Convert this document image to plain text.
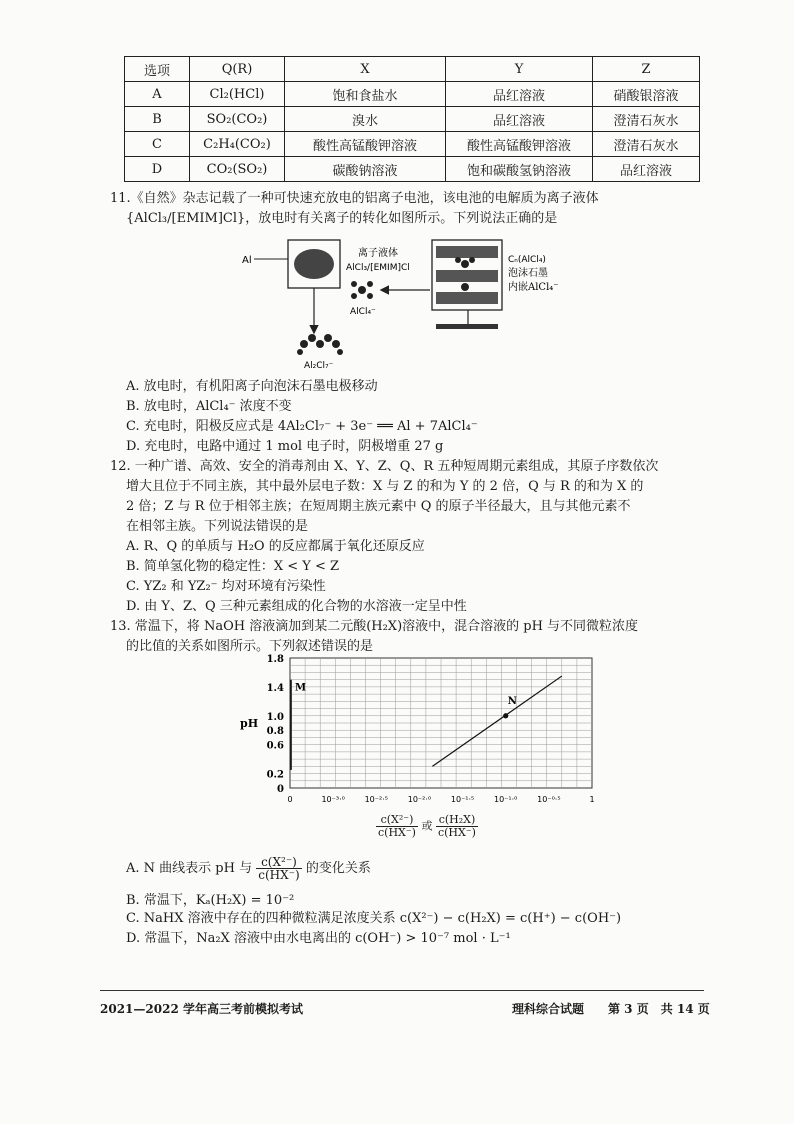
选项	Q(R)	X	Y	Z
A	Cl₂(HCl)	饱和食盐水	品红溶液	硝酸银溶液
B	SO₂(CO₂)	溴水	品红溶液	澄清石灰水
C	C₂H₄(CO₂)	酸性高锰酸钾溶液	酸性高锰酸钾溶液	澄清石灰水
D	CO₂(SO₂)	碳酸钠溶液	饱和碳酸氢钠溶液	品红溶液
11.《自然》杂志记载了一种可快速充放电的铝离子电池，该电池的电解质为离子液体
{AlCl₃/[EMIM]Cl}，放电时有关离子的转化如图所示。下列说法正确的是
Al
Al₂Cl₇⁻
离子液体
AlCl₃/[EMIM]Cl
AlCl₄⁻
Cₙ(AlCl₄)
泡沫石墨
内嵌AlCl₄⁻
A. 放电时，有机阳离子向泡沫石墨电极移动
B. 放电时，AlCl₄⁻ 浓度不变
C. 充电时，阳极反应式是 4Al₂Cl₇⁻ + 3e⁻ ══ Al + 7AlCl₄⁻
D. 充电时，电路中通过 1 mol 电子时，阴极增重 27 g
12. 一种广谱、高效、安全的消毒剂由 X、Y、Z、Q、R 五种短周期元素组成，其原子序数依次
增大且位于不同主族，其中最外层电子数：X 与 Z 的和为 Y 的 2 倍，Q 与 R 的和为 X 的
2 倍；Z 与 R 位于相邻主族；在短周期主族元素中 Q 的原子半径最大，且与其他元素不
在相邻主族。下列说法错误的是
A. R、Q 的单质与 H₂O 的反应都属于氧化还原反应
B. 简单氢化物的稳定性：X < Y < Z
C. YZ₂ 和 YZ₂⁻ 均对环境有污染性
D. 由 Y、Z、Q 三种元素组成的化合物的水溶液一定呈中性
13. 常温下，将 NaOH 溶液滴加到某二元酸(H₂X)溶液中，混合溶液的 pH 与不同微粒浓度
的比值的关系如图所示。下列叙述错误的是
0
0.2
0.6
0.8
1.0
1.4
1.8
0	10⁻³·⁰ 10⁻²·⁵ 10⁻²·⁰ 10⁻¹·⁵ 10⁻¹·⁰ 10⁻⁰·⁵	1
pH
M
N
$\frac{\text{c(X²⁻)}}{c(HX^-)}$ 或 $\frac{\text{c(H₂X)}}{c(HX^-)}$
A. N 曲线表示 pH 与 $\frac{\text{c(X²⁻)}}{c(HX^-)}$ 的变化关系
B. 常温下，Kₐ(H₂X) = 10⁻²
C. NaHX 溶液中存在的四种微粒满足浓度关系 c(X²⁻) − c(H₂X) = c(H⁺) − c(OH⁻)
D. 常温下，Na₂X 溶液中由水电离出的 c(OH⁻) > 10⁻⁷ mol · L⁻¹
2021—2022 学年高三考前模拟考试	理科综合试题 第 3 页　共 14 页
